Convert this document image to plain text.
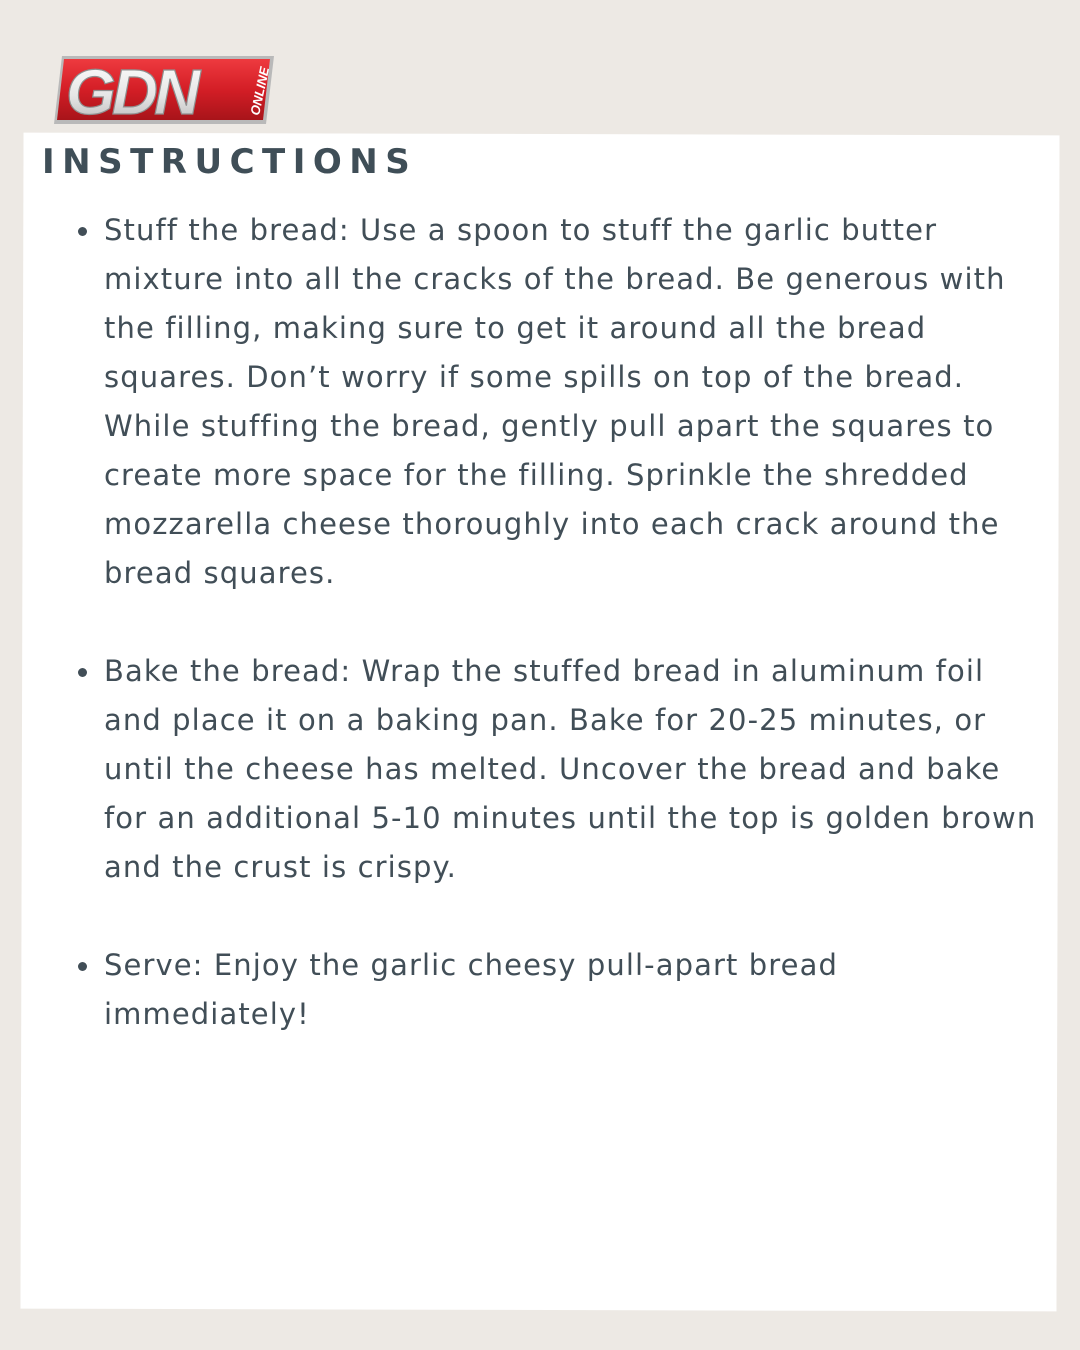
GDN	ONLINE
INSTRUCTIONS
Stuff the bread: Use a spoon to stuff the garlic butter mixture into all the cracks of the bread. Be generous with the filling, making sure to get it around all the bread squares. Don’t worry if some spills on top of the bread. While stuffing the bread, gently pull apart the squares to create more space for the filling. Sprinkle the shredded mozzarella cheese thoroughly into each crack around the bread squares.
Bake the bread: Wrap the stuffed bread in aluminum foil and place it on a baking pan. Bake for 20-25 minutes, or until the cheese has melted. Uncover the bread and bake for an additional 5-10 minutes until the top is golden brown and the crust is crispy.
Serve: Enjoy the garlic cheesy pull-apart bread immediately!
